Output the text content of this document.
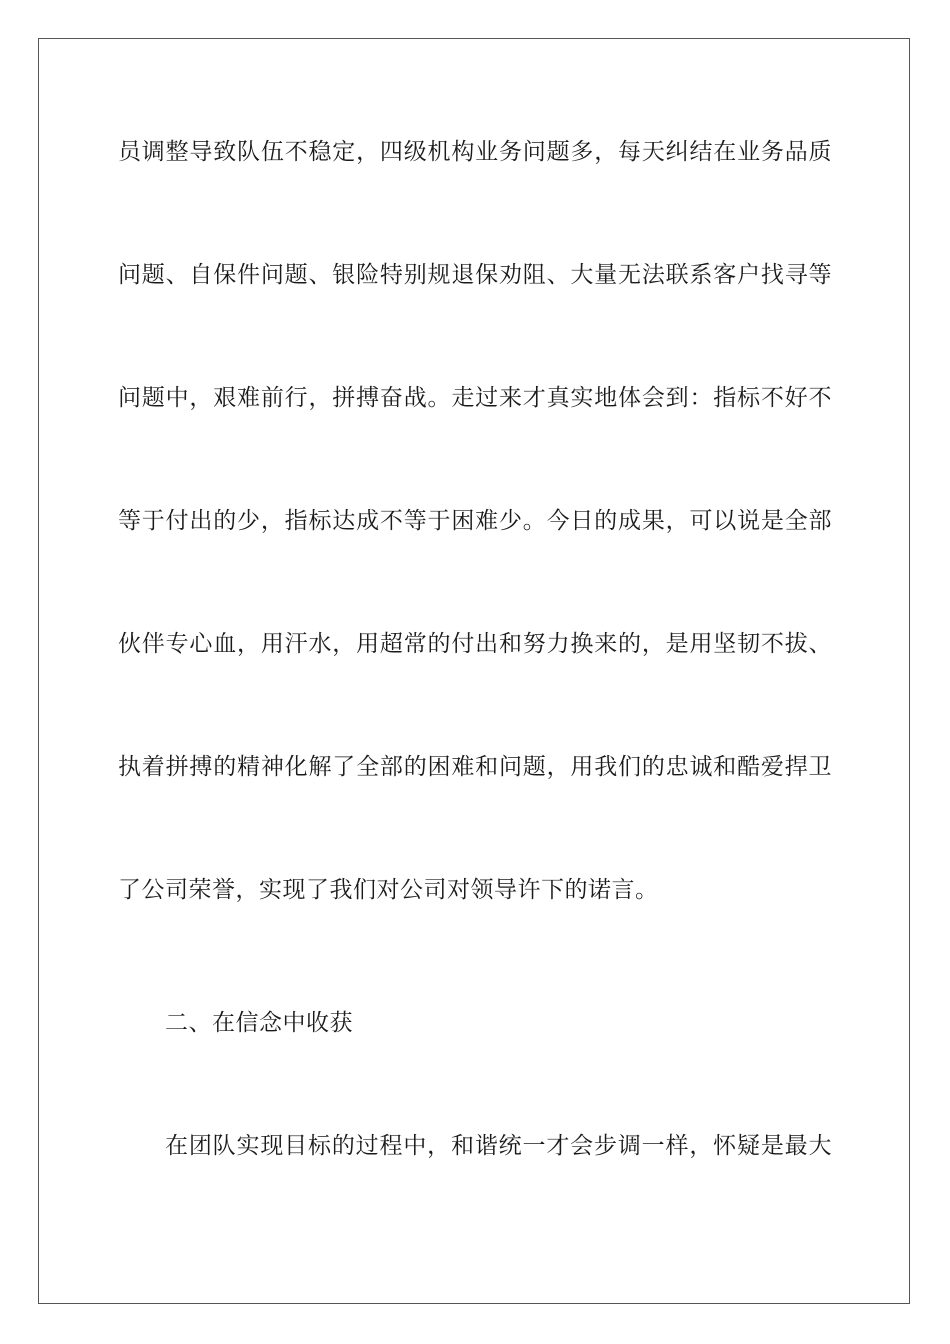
员调整导致队伍不稳定，四级机构业务问题多，每天纠结在业务品质
问题、自保件问题、银险特别规退保劝阻、大量无法联系客户找寻等
问题中，艰难前行，拼搏奋战。走过来才真实地体会到：指标不好不
等于付出的少，指标达成不等于困难少。今日的成果，可以说是全部
伙伴专心血，用汗水，用超常的付出和努力换来的，是用坚韧不拔、
执着拼搏的精神化解了全部的困难和问题，用我们的忠诚和酷爱捍卫
了公司荣誉，实现了我们对公司对领导许下的诺言。
二、在信念中收获
在团队实现目标的过程中，和谐统一才会步调一样，怀疑是最大
